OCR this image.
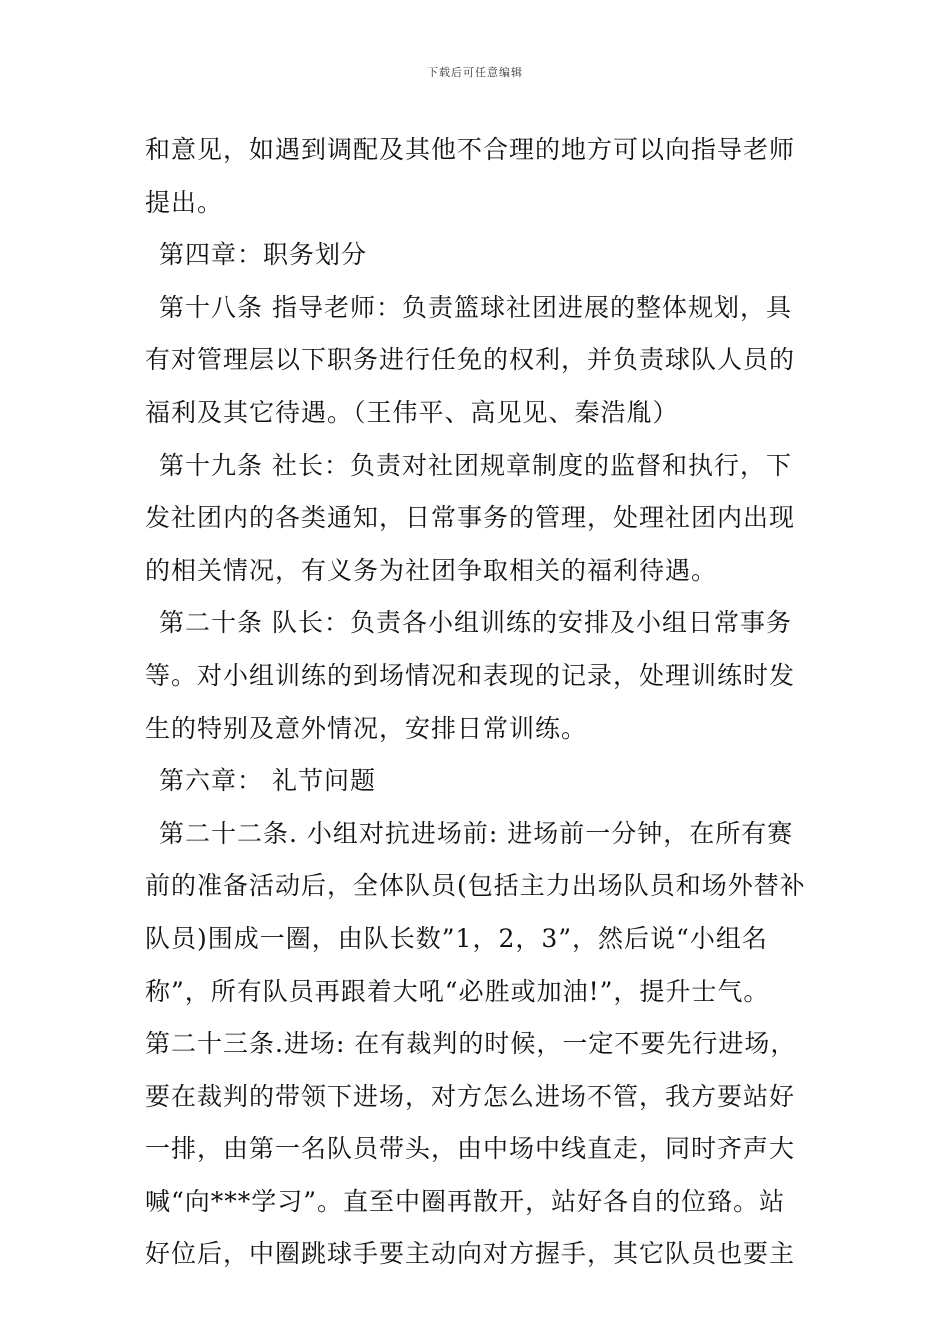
下载后可任意编辑
和意见，如遇到调配及其他不合理的地方可以向指导老师
提出。
第四章：职务划分
第十八条 指导老师：负责篮球社团进展的整体规划，具
有对管理层以下职务进行任免的权利，并负责球队人员的
福利及其它待遇。（王伟平、高见见、秦浩胤）
第十九条 社长：负责对社团规章制度的监督和执行，下
发社团内的各类通知，日常事务的管理，处理社团内出现
的相关情况，有义务为社团争取相关的福利待遇。
第二十条 队长：负责各小组训练的安排及小组日常事务
等。对小组训练的到场情况和表现的记录，处理训练时发
生的特别及意外情况，安排日常训练。
第六章： 礼节问题
第二十二条. 小组对抗进场前: 进场前一分钟，在所有赛
前的准备活动后，全体队员(包括主力出场队员和场外替补
队员)围成一圈，由队长数”1，2，3”，然后说“小组名
称”，所有队员再跟着大吼“必胜或加油!”，提升士气。
第二十三条.进场: 在有裁判的时候，一定不要先行进场，
要在裁判的带领下进场，对方怎么进场不管，我方要站好
一排，由第一名队员带头，由中场中线直走，同时齐声大
喊“向***学习”。直至中圈再散开，站好各自的位臵。站
好位后，中圈跳球手要主动向对方握手，其它队员也要主
